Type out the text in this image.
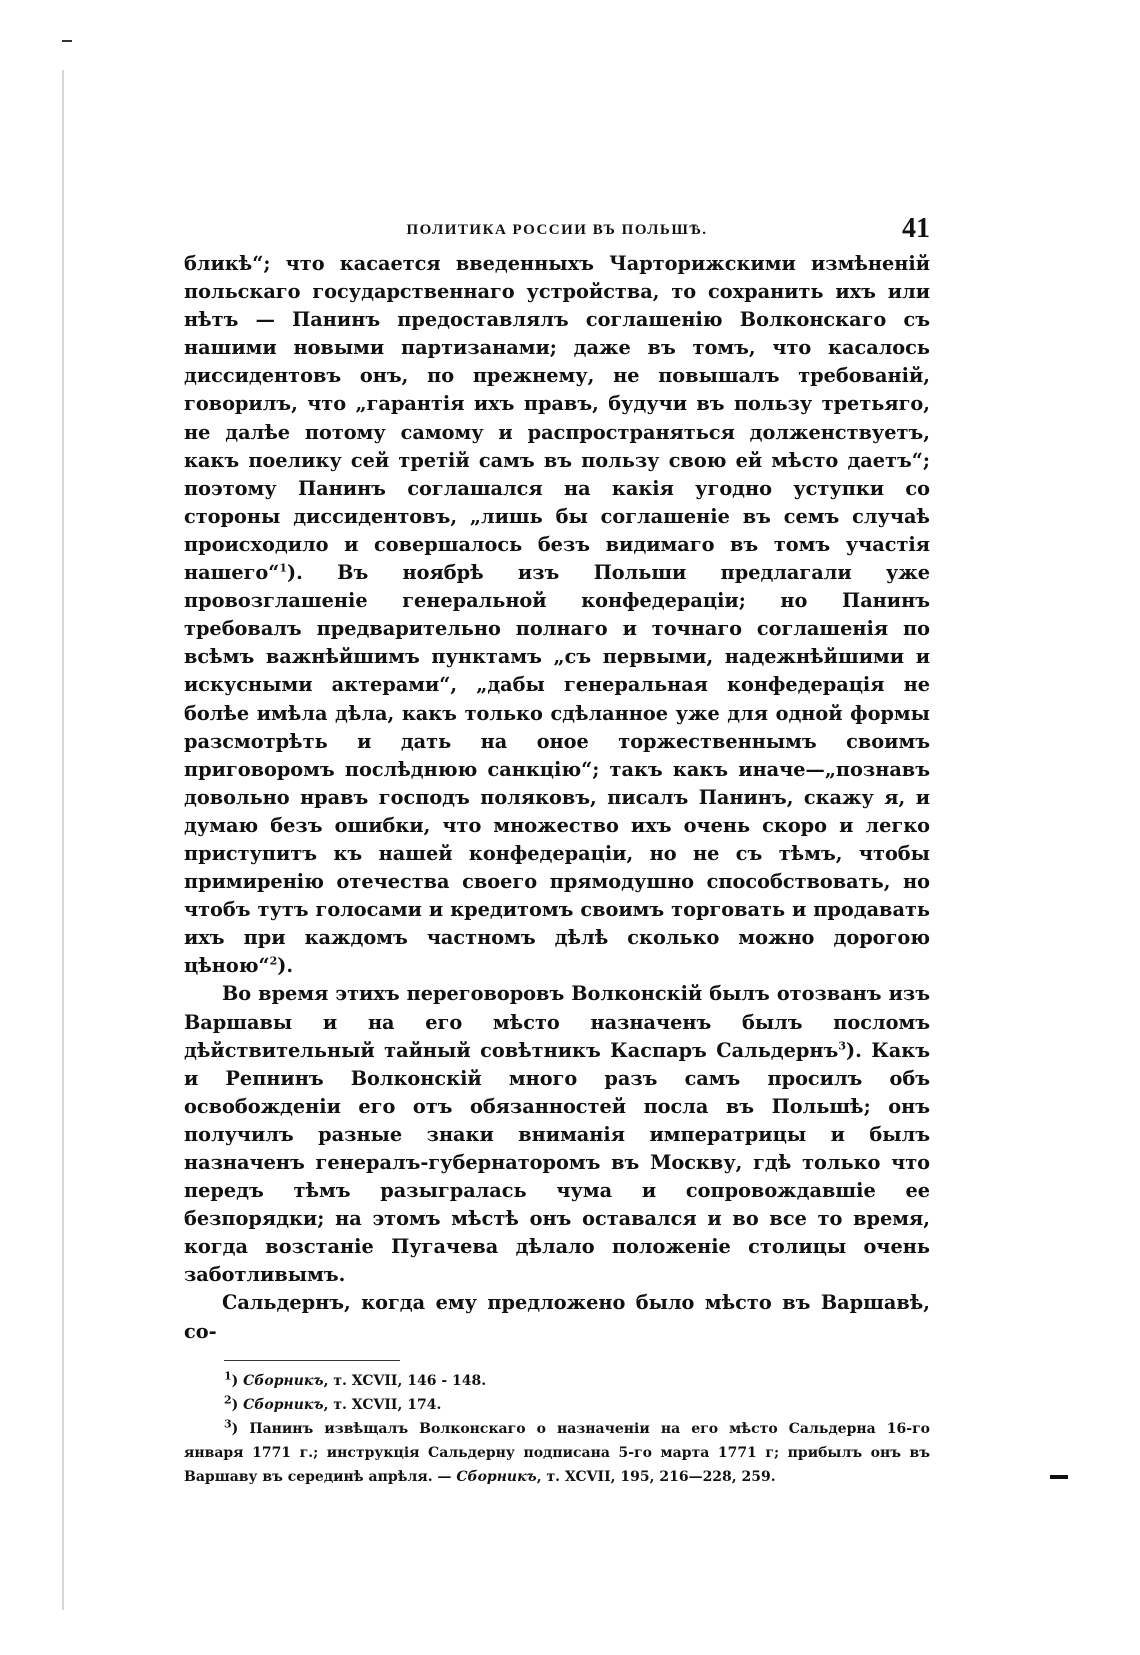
ПОЛИТИКА РОССИИ ВЪ ПОЛЬШѢ.	41

бликѣ“; что касается введенныхъ Чарторижскими измѣненій польскаго государственнаго устройства, то сохранить ихъ или нѣтъ — Панинъ предоставлялъ соглашенію Волконскаго съ нашими новыми партизанами; даже въ томъ, что касалось диссидентовъ онъ, по прежнему, не повышалъ требованій, говорилъ, что „гарантія ихъ правъ, будучи въ пользу третьяго, не далѣе потому самому и распространяться долженствуетъ, какъ поелику сей третій самъ въ пользу свою ей мѣсто даетъ“; поэтому Панинъ соглашался на какія угодно уступки со стороны диссидентовъ, „лишь бы соглашеніе въ семъ случаѣ происходило и совершалось безъ видимаго въ томъ участія нашего“$^1$). Въ ноябрѣ изъ Польши предлагали уже провозглашеніе генеральной конфедераціи; но Панинъ требовалъ предварительно полнаго и точнаго соглашенія по всѣмъ важнѣйшимъ пунктамъ „съ первыми, надежнѣйшими и искусными актерами“, „дабы генеральная конфедерація не болѣе имѣла дѣла, какъ только сдѣланное уже для одной формы разсмотрѣть и дать на оное торжественнымъ своимъ приговоромъ послѣднюю санкцію“; такъ какъ иначе—„познавъ довольно нравъ господъ поляковъ, писалъ Панинъ, скажу я, и думаю безъ ошибки, что множество ихъ очень скоро и легко приступитъ къ нашей конфедераціи, но не съ тѣмъ, чтобы примиренію отечества своего прямодушно способствовать, но чтобъ тутъ голосами и кредитомъ своимъ торговать и продавать ихъ при каждомъ частномъ дѣлѣ сколько можно дорогою цѣною“$^2$).

Во время этихъ переговоровъ Волконскій былъ отозванъ изъ Варшавы и на его мѣсто назначенъ былъ посломъ дѣйствительный тайный совѣтникъ Каспаръ Сальдернъ$^3$). Какъ и Репнинъ Волконскій много разъ самъ просилъ объ освобожденіи его отъ обязанностей посла въ Польшѣ; онъ получилъ разные знаки вниманія императрицы и былъ назначенъ генералъ-губернаторомъ въ Москву, гдѣ только что передъ тѣмъ разыгралась чума и сопровождавшіе ее безпорядки; на этомъ мѣстѣ онъ оставался и во все то время, когда возстаніе Пугачева дѣлало положеніе столицы очень заботливымъ.

Сальдернъ, когда ему предложено было мѣсто въ Варшавѣ, со-

$^1$) Сборникъ, т. XCVII, 146 - 148.

$^2$) Сборникъ, т. XCVII, 174.

$^3$) Панинъ извѣщалъ Волконскаго о назначеніи на его мѣсто Сальдерна 16-го января 1771 г.; инструкція Сальдерну подписана 5-го марта 1771 г; прибылъ онъ въ Варшаву въ серединѣ апрѣля. — Сборникъ, т. XCVII, 195, 216—228, 259.
